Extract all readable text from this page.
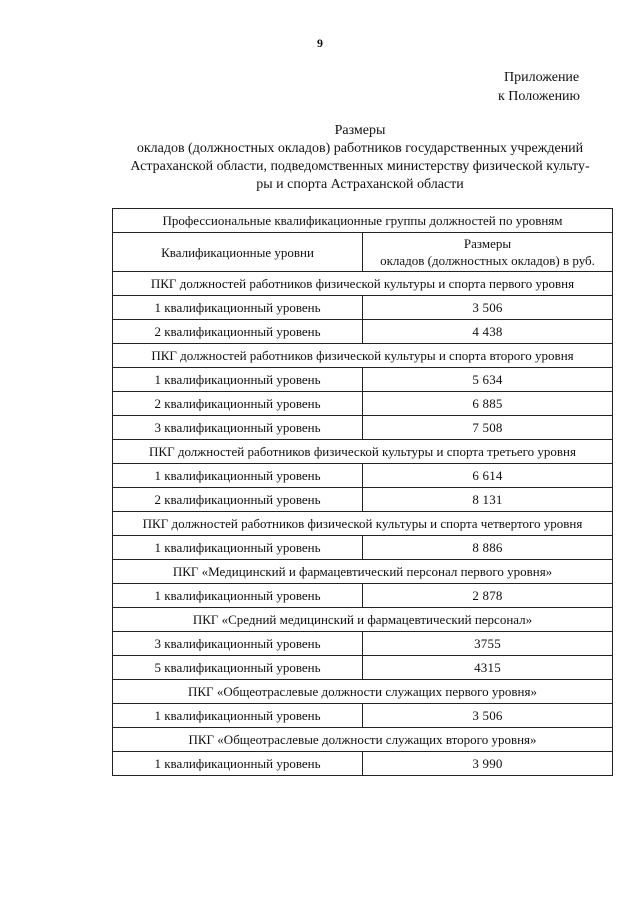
9
Приложение
к Положению
Размеры
окладов (должностных окладов) работников государственных учреждений
Астраханской области, подведомственных министерству физической культу-
ры и спорта Астраханской области
Профессиональные квалификационные группы должностей по уровням	
Квалификационные уровни	Размеры
окладов (должностных окладов) в руб.

ПКГ должностей работников физической культуры и спорта первого уровня	
1 квалификационный уровень	3 506
2 квалификационный уровень	4 438
ПКГ должностей работников физической культуры и спорта второго уровня	
1 квалификационный уровень	5 634
2 квалификационный уровень	6 885
3 квалификационный уровень	7 508
ПКГ должностей работников физической культуры и спорта третьего уровня	
1 квалификационный уровень	6 614
2 квалификационный уровень	8 131
ПКГ должностей работников физической культуры и спорта четвертого уровня	
1 квалификационный уровень	8 886
ПКГ «Медицинский и фармацевтический персонал первого уровня»	
1 квалификационный уровень	2 878
ПКГ «Средний медицинский и фармацевтический персонал»	
3 квалификационный уровень	3755
5 квалификационный уровень	4315
ПКГ «Общеотраслевые должности служащих первого уровня»	
1 квалификационный уровень	3 506
ПКГ «Общеотраслевые должности служащих второго уровня»	
1 квалификационный уровень	3 990
